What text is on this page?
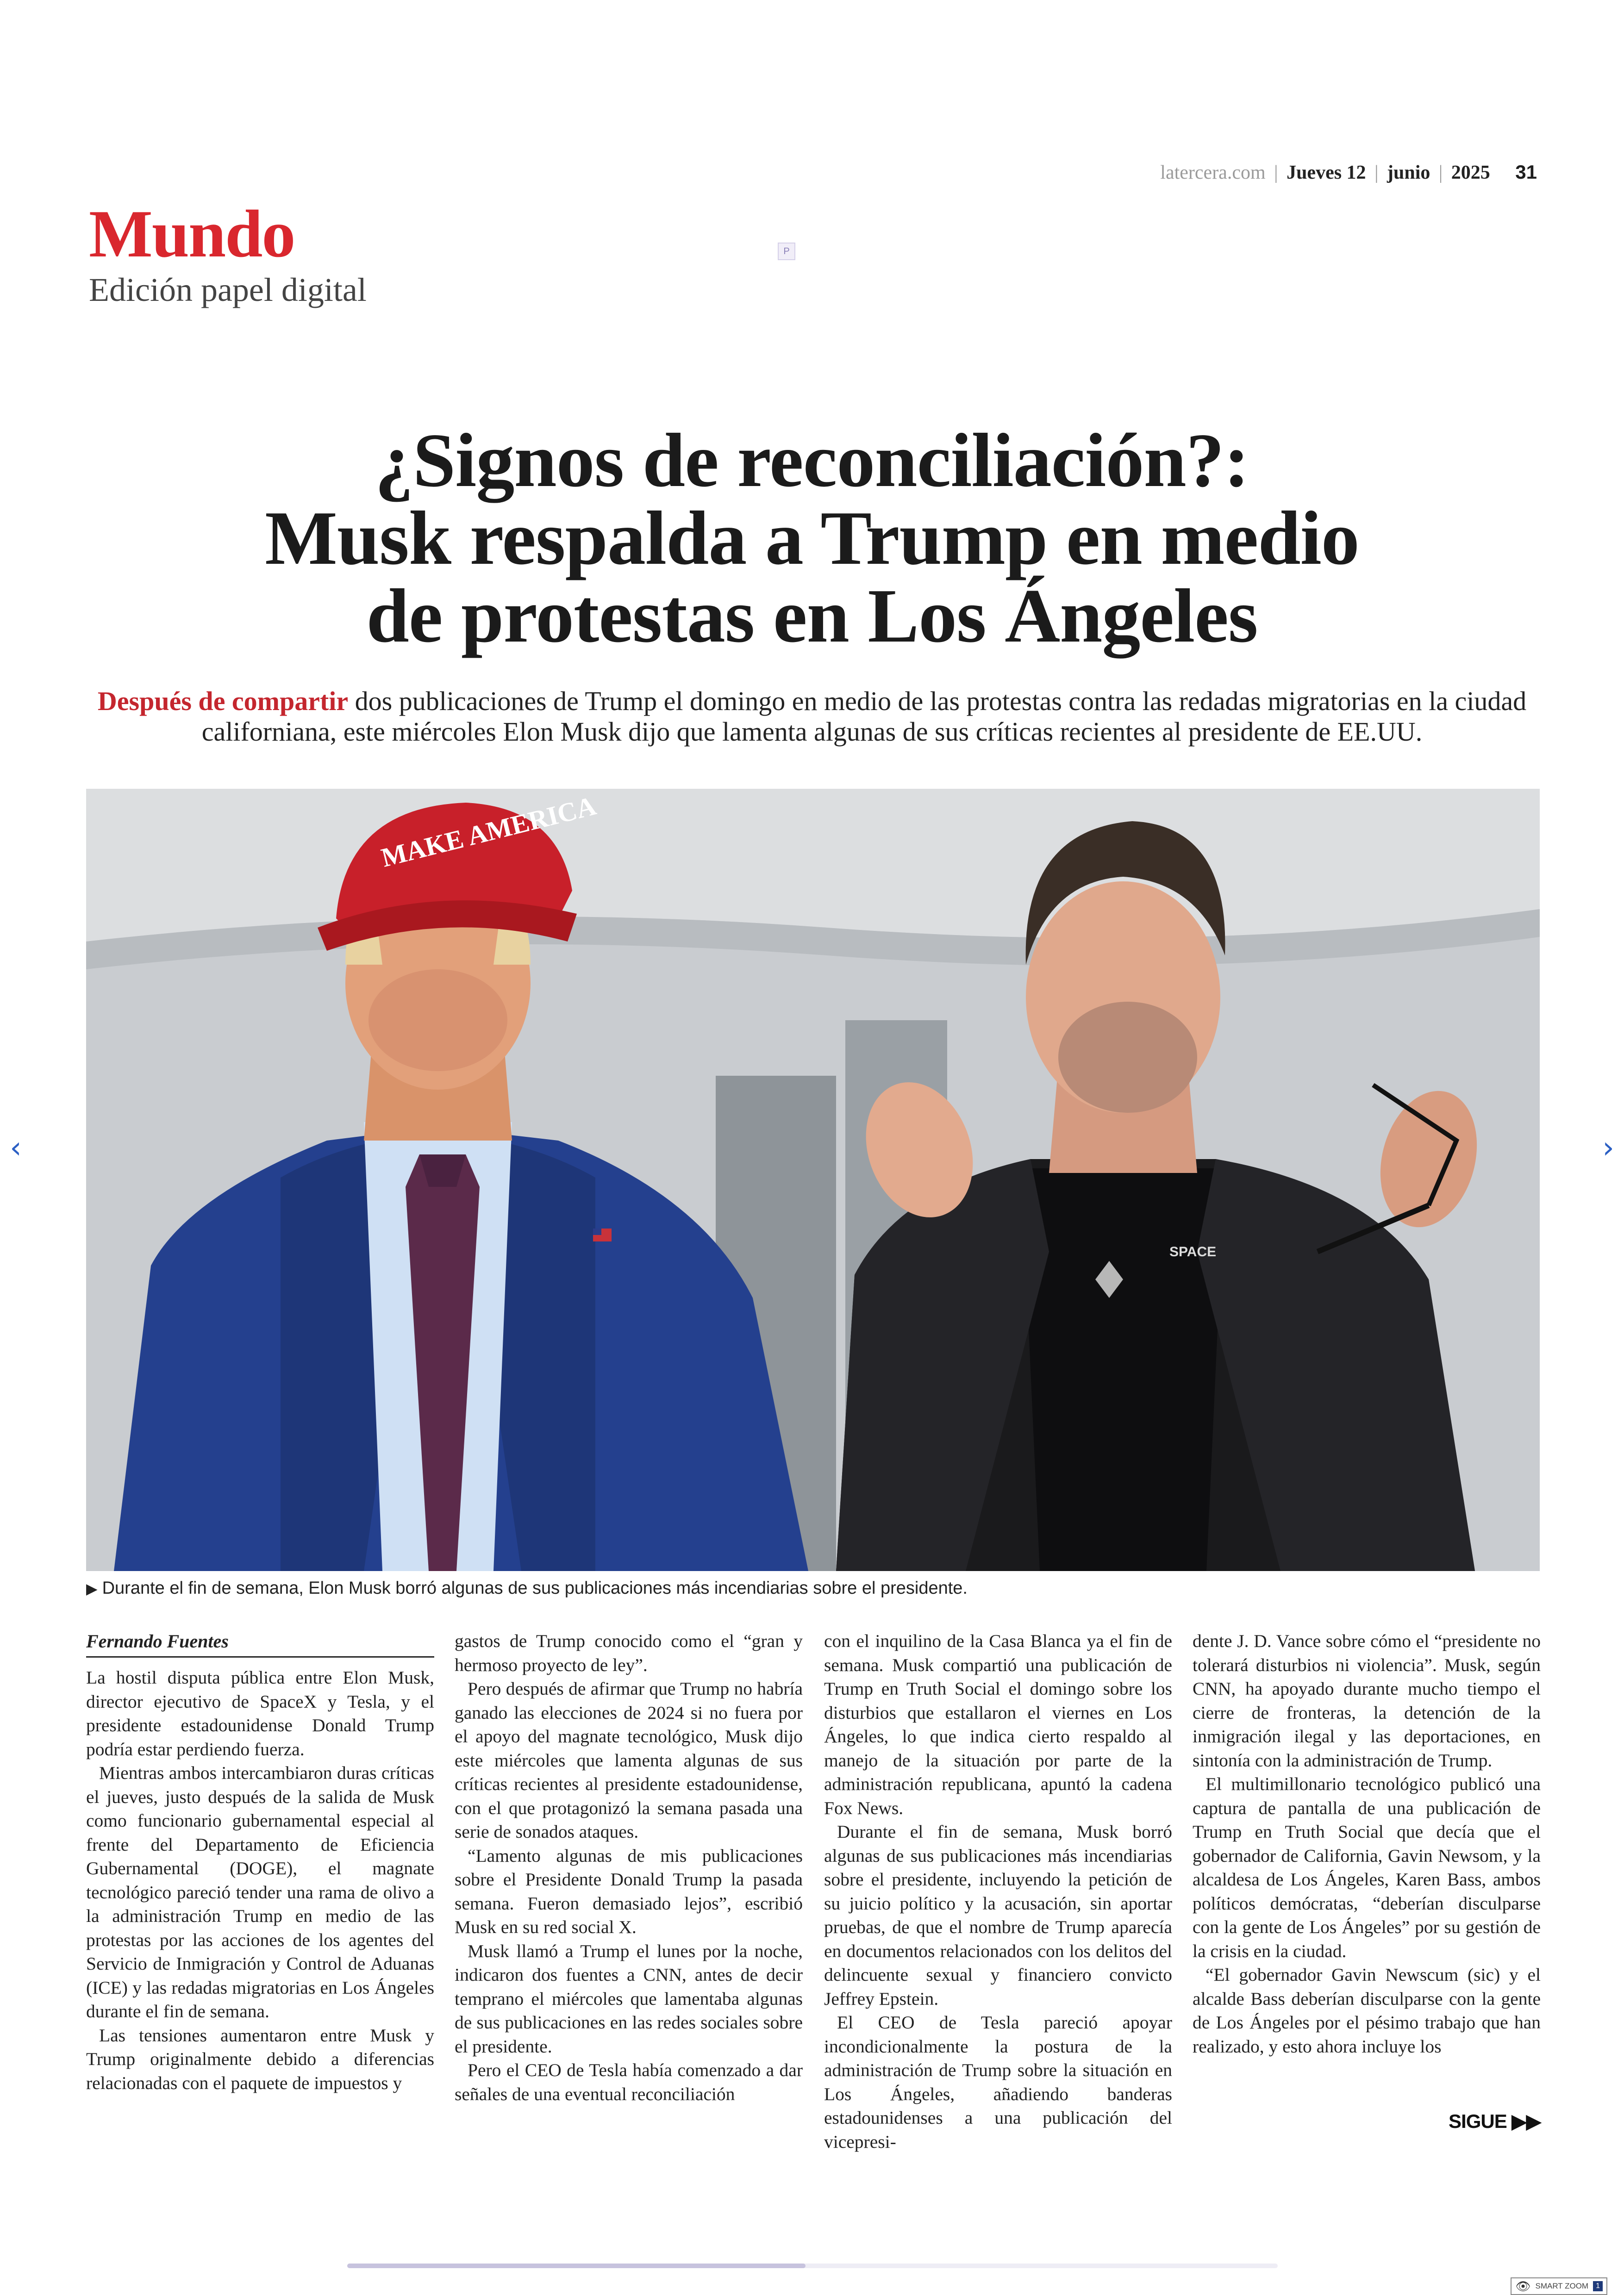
latercera.com | Jueves 12 | junio | 2025 31
Mundo
Edición papel digital
P
¿Signos de reconciliación?:
Musk respalda a Trump en medio
de protestas en Los Ángeles
Después de compartir dos publicaciones de Trump el domingo en medio de las protestas contra las redadas migratorias en la ciudad californiana, este miércoles Elon Musk dijo que lamenta algunas de sus críticas recientes al presidente de EE.UU.
MAKE AMERICA
SPACE
▶ Durante el fin de semana, Elon Musk borró algunas de sus publicaciones más incendiarias sobre el presidente.
Fernando Fuentes

La hostil disputa pública entre Elon Musk, director ejecutivo de SpaceX y Tesla, y el presidente estadounidense Donald Trump podría estar perdiendo fuerza.

Mientras ambos intercambiaron duras críticas el jueves, justo después de la salida de Musk como funcionario gubernamental especial al frente del Departamento de Eficiencia Gubernamental (DOGE), el magnate tecnológico pareció tender una rama de olivo a la administración Trump en medio de las protestas por las acciones de los agentes del Servicio de Inmigración y Control de Aduanas (ICE) y las redadas migratorias en Los Ángeles durante el fin de semana.

Las tensiones aumentaron entre Musk y Trump originalmente debido a diferencias relacionadas con el paquete de impuestos y

gastos de Trump conocido como el “gran y hermoso proyecto de ley”.

Pero después de afirmar que Trump no habría ganado las elecciones de 2024 si no fuera por el apoyo del magnate tecnológico, Musk dijo este miércoles que lamenta algunas de sus críticas recientes al presidente estadounidense, con el que protagonizó la semana pasada una serie de sonados ataques.

“Lamento algunas de mis publicaciones sobre el Presidente Donald Trump la pasada semana. Fueron demasiado lejos”, escribió Musk en su red social X.

Musk llamó a Trump el lunes por la noche, indicaron dos fuentes a CNN, antes de decir temprano el miércoles que lamentaba algunas de sus publicaciones en las redes sociales sobre el presidente.

Pero el CEO de Tesla había comenzado a dar señales de una eventual reconciliación

con el inquilino de la Casa Blanca ya el fin de semana. Musk compartió una publicación de Trump en Truth Social el domingo sobre los disturbios que estallaron el viernes en Los Ángeles, lo que indica cierto respaldo al manejo de la situación por parte de la administración republicana, apuntó la cadena Fox News.

Durante el fin de semana, Musk borró algunas de sus publicaciones más incendiarias sobre el presidente, incluyendo la petición de su juicio político y la acusación, sin aportar pruebas, de que el nombre de Trump aparecía en documentos relacionados con los delitos del delincuente sexual y financiero convicto Jeffrey Epstein.

El CEO de Tesla pareció apoyar incondicionalmente la postura de la administración de Trump sobre la situación en Los Ángeles, añadiendo banderas estadounidenses a una publicación del vicepresi-

dente J. D. Vance sobre cómo el “presidente no tolerará disturbios ni violencia”. Musk, según CNN, ha apoyado durante mucho tiempo el cierre de fronteras, la detención de la inmigración ilegal y las deportaciones, en sintonía con la administración de Trump.

El multimillonario tecnológico publicó una captura de pantalla de una publicación de Trump en Truth Social que decía que el gobernador de California, Gavin Newsom, y la alcaldesa de Los Ángeles, Karen Bass, ambos políticos demócratas, “deberían disculparse con la gente de Los Ángeles” por su gestión de la crisis en la ciudad.

“El gobernador Gavin Newscum (sic) y el alcalde Bass deberían disculparse con la gente de Los Ángeles por el pésimo trabajo que han realizado, y esto ahora incluye los

SIGUE ▶▶
‹	›
👁 SMART ZOOM	1
